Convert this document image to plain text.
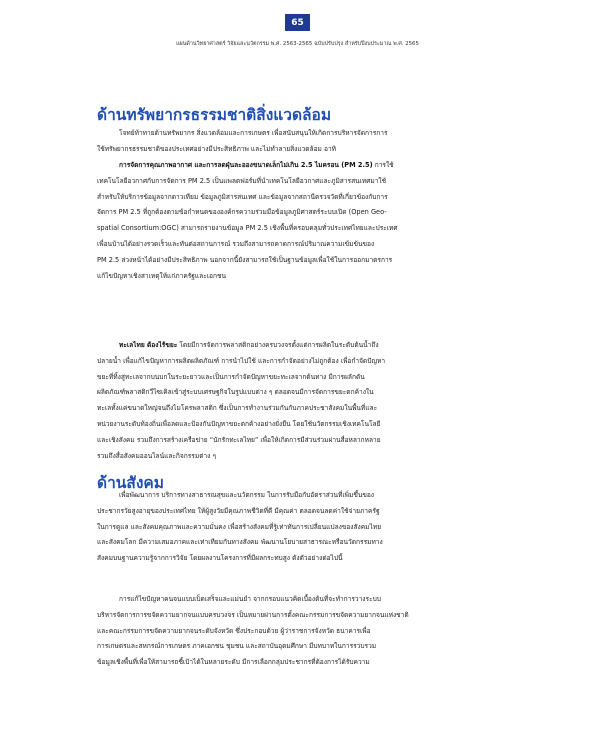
65
แผนด้านวิทยาศาสตร์ วิจัยและนวัตกรรม พ.ศ. 2563-2565 ฉบับปรับปรุง สำหรับปีงบประมาณ พ.ศ. 2565
ด้านทรัพยากรธรรมชาติสิ่งแวดล้อม
โจทย์ท้าทายด้านทรัพยากร สิ่งแวดล้อมและการเกษตร เพื่อสนับสนุนให้เกิดการบริหารจัดการการ
ใช้ทรัพยากรธรรมชาติของประเทศอย่างมีประสิทธิภาพ และไม่ทำลายสิ่งแวดล้อม อาทิ
การจัดการคุณภาพอากาศ และการลดฝุ่นละอองขนาดเล็กไม่เกิน 2.5 ไมครอน (PM 2.5) การใช้
เทคโนโลยีอวกาศกับการจัดการ PM 2.5 เป็นแพลตฟอร์มที่นำเทคโนโลยีอวกาศและภูมิสารสนเทศมาใช้
สำหรับให้บริการข้อมูลจากดาวเทียม ข้อมูลภูมิสารสนเทศ และข้อมูลจากสถานีตรวจวัดที่เกี่ยวข้องกับการ
จัดการ PM 2.5 ที่ถูกต้องตามข้อกำหนดขององค์กรความร่วมมือข้อมูลภูมิศาสตร์ระบบเปิด (Open Geo-
spatial Consortium:OGC) สามารถรายงานข้อมูล PM 2.5 เชิงพื้นที่ครอบคลุมทั่วประเทศไทยและประเทศ
เพื่อนบ้านได้อย่างรวดเร็วและทันต่อสถานการณ์ รวมถึงสามารถคาดการณ์ปริมาณความเข้มข้นของ
PM 2.5 ล่วงหน้าได้อย่างมีประสิทธิภาพ นอกจากนี้ยังสามารถใช้เป็นฐานข้อมูลเพื่อใช้ในการออกมาตรการ
แก้ไขปัญหาเชิงสาเหตุให้แก่ภาครัฐและเอกชน
ทะเลไทย ต้องไร้ขยะ โดยมีการจัดการพลาสติกอย่างครบวงจรตั้งแต่การผลิตในระดับต้นน้ำถึง
ปลายน้ำ เพื่อแก้ไขปัญหาการผลิตผลิตภัณฑ์ การนำไปใช้ และการกำจัดอย่างไม่ถูกต้อง เพื่อกำจัดปัญหา
ขยะที่ทิ้งสู่ทะเลจากบนบกในระยะยาวและเป็นการกำจัดปัญหาขยะทะเลจากต้นทาง มีการผลักดัน
ผลิตภัณฑ์พลาสติกวีไซเคิลเข้าสู่ระบบเศรษฐกิจในรูปแบบต่าง ๆ ตลอดจนมีการจัดการขยะตกค้างใน
ทะเลทั้งแค่ขนาดใหญ่จนถึงไมโครพลาสติก ซึ่งเป็นการทำงานร่วมกันกับภาคประชาสังคมในพื้นที่และ
หน่วยงานระดับท้องถิ่นเพื่อลดและป้องกันปัญหาขยะตกค้างอย่างยั่งยืน โดยใช้นวัตกรรมเชิงเทคโนโลยี
และเชิงสังคม รวมถึงการสร้างเครือข่าย “นักรักทะเลไทย” เพื่อให้เกิดการมีส่วนร่วมผ่านสื่อหลากหลาย
รวมถึงสื่อสังคมออนไลน์และกิจกรรมต่าง ๆ
ด้านสังคม
เพื่อพัฒนาการ บริการทางสาธารณสุขและนวัตกรรม ในการรับมือกับอัตราส่วนที่เพิ่มขึ้นของ
ประชากรวัยสูงอายุของประเทศไทย ให้ผู้สูงวัยมีคุณภาพชีวิตที่ดี มีคุณค่า ตลอดจนลดค่าใช้จ่ายภาครัฐ
ในการดูแล และสังคมคุณภาพและความมั่นคง เพื่อสร้างสังคมที่รู้เท่าทันการเปลี่ยนแปลงของสังคมไทย
และสังคมโลก มีความเสมอภาคและเท่าเทียมกันทางสังคม พัฒนานโยบายสาธารณะหรือนวัตกรรมทาง
สังคมบนฐานความรู้จากการวิจัย โดยผลงานโครงการที่มีผลกระทบสูง ดังตัวอย่างต่อไปนี้
การแก้ไขปัญหาคนจนแบบเบ็ดเสร็จและแม่นยำ จากกรอบแนวคิดเบื้องต้นที่จะทำการวางระบบ
บริหารจัดการการขจัดความยากจนแบบครบวงจร เป็นหมายผ่านการตั้งคณะกรรมการขจัดความยากจนแห่งชาติ
และคณะกรรมการขจัดความยากจนระดับจังหวัด ซึ่งประกอบด้วย ผู้ว่าราชการจังหวัด ธนาคารเพื่อ
การเกษตรและสหกรณ์การเกษตร ภาคเอกชน ชุมชน และสถาบันอุดมศึกษา มีบทบาทในการรวบรวม
ข้อมูลเชิงพื้นที่เพื่อให้สามารถชี้เป้าได้ในหลายระดับ มีการเลือกกลุ่มประชากรที่ต้องการได้รับความ
